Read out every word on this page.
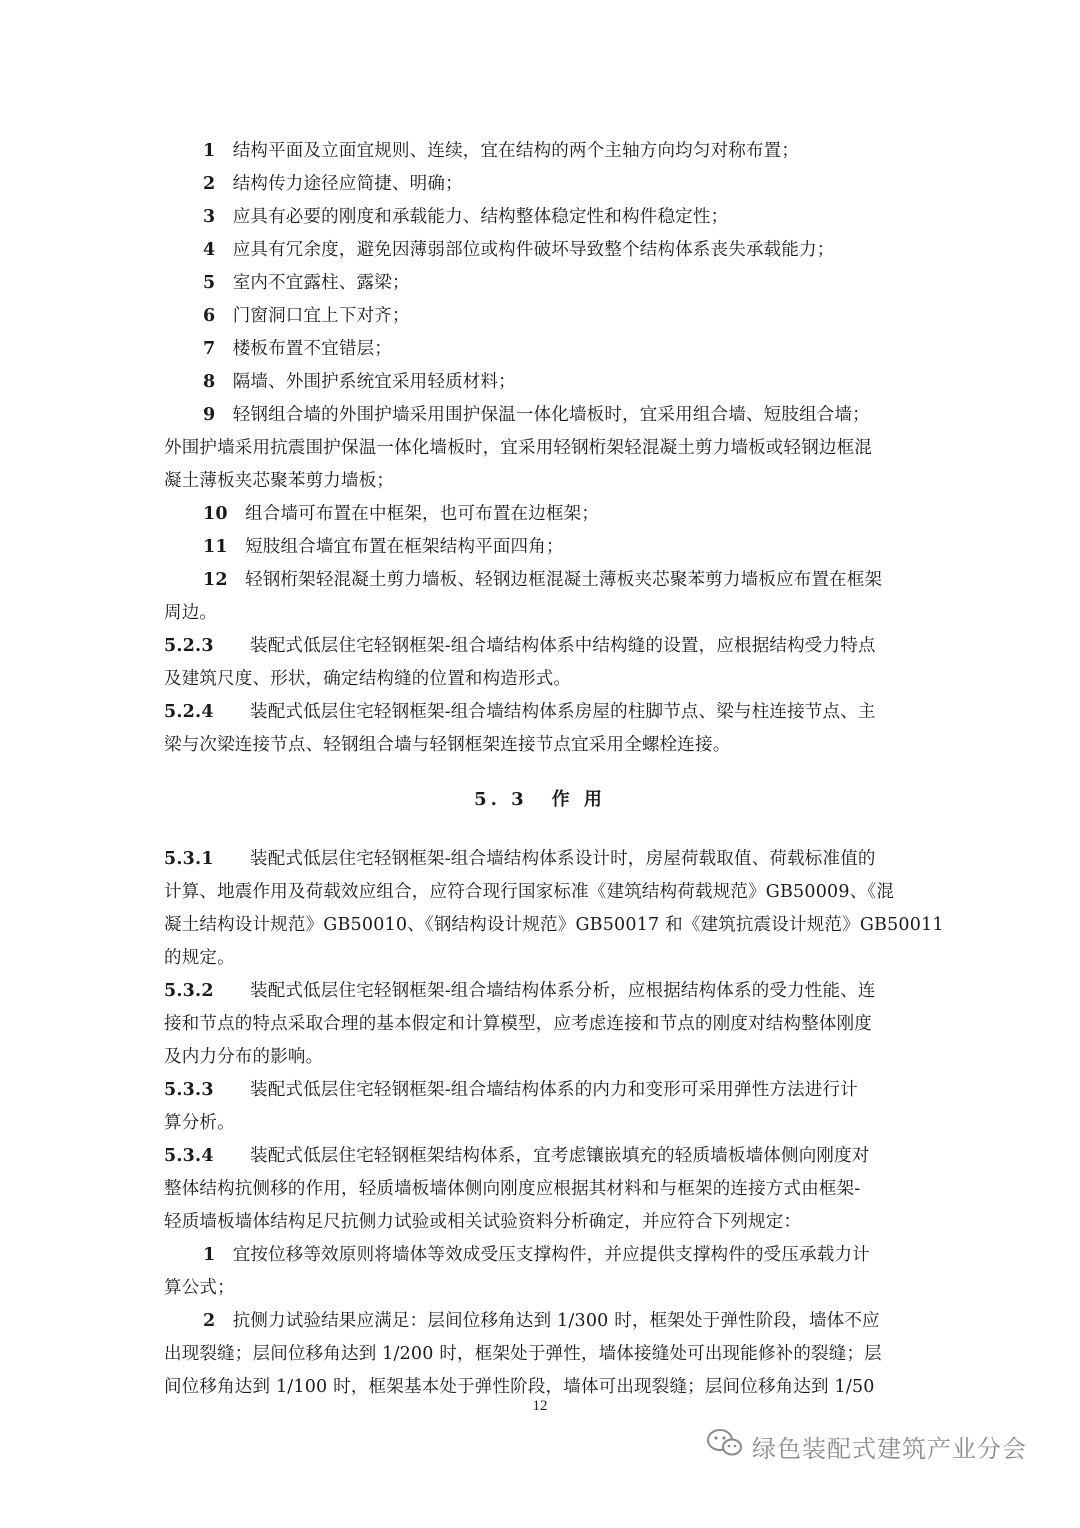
1 结构平面及立面宜规则、连续，宜在结构的两个主轴方向均匀对称布置；
2 结构传力途径应简捷、明确；
3 应具有必要的刚度和承载能力、结构整体稳定性和构件稳定性；
4 应具有冗余度，避免因薄弱部位或构件破坏导致整个结构体系丧失承载能力；
5 室内不宜露柱、露梁；
6 门窗洞口宜上下对齐；
7 楼板布置不宜错层；
8 隔墙、外围护系统宜采用轻质材料；
9 轻钢组合墙的外围护墙采用围护保温一体化墙板时，宜采用组合墙、短肢组合墙；
外围护墙采用抗震围护保温一体化墙板时，宜采用轻钢桁架轻混凝土剪力墙板或轻钢边框混
凝土薄板夹芯聚苯剪力墙板；
10 组合墙可布置在中框架，也可布置在边框架；
11 短肢组合墙宜布置在框架结构平面四角；
12 轻钢桁架轻混凝土剪力墙板、轻钢边框混凝土薄板夹芯聚苯剪力墙板应布置在框架
周边。
5.2.3 装配式低层住宅轻钢框架-组合墙结构体系中结构缝的设置，应根据结构受力特点
及建筑尺度、形状，确定结构缝的位置和构造形式。
5.2.4 装配式低层住宅轻钢框架-组合墙结构体系房屋的柱脚节点、梁与柱连接节点、主
梁与次梁连接节点、轻钢组合墙与轻钢框架连接节点宜采用全螺栓连接。
5. 3 作 用
5.3.1 装配式低层住宅轻钢框架-组合墙结构体系设计时，房屋荷载取值、荷载标准值的
计算、地震作用及荷载效应组合，应符合现行国家标准《建筑结构荷载规范》GB50009、《混
凝土结构设计规范》GB50010、《钢结构设计规范》GB50017 和《建筑抗震设计规范》GB50011
的规定。
5.3.2 装配式低层住宅轻钢框架-组合墙结构体系分析，应根据结构体系的受力性能、连
接和节点的特点采取合理的基本假定和计算模型，应考虑连接和节点的刚度对结构整体刚度
及内力分布的影响。
5.3.3 装配式低层住宅轻钢框架-组合墙结构体系的内力和变形可采用弹性方法进行计
算分析。
5.3.4 装配式低层住宅轻钢框架结构体系，宜考虑镶嵌填充的轻质墙板墙体侧向刚度对
整体结构抗侧移的作用，轻质墙板墙体侧向刚度应根据其材料和与框架的连接方式由框架-
轻质墙板墙体结构足尺抗侧力试验或相关试验资料分析确定，并应符合下列规定：
1 宜按位移等效原则将墙体等效成受压支撑构件，并应提供支撑构件的受压承载力计
算公式；
2 抗侧力试验结果应满足：层间位移角达到 1/300 时，框架处于弹性阶段，墙体不应
出现裂缝；层间位移角达到 1/200 时，框架处于弹性，墙体接缝处可出现能修补的裂缝；层
间位移角达到 1/100 时，框架基本处于弹性阶段，墙体可出现裂缝；层间位移角达到 1/50
12
绿色装配式建筑产业分会
